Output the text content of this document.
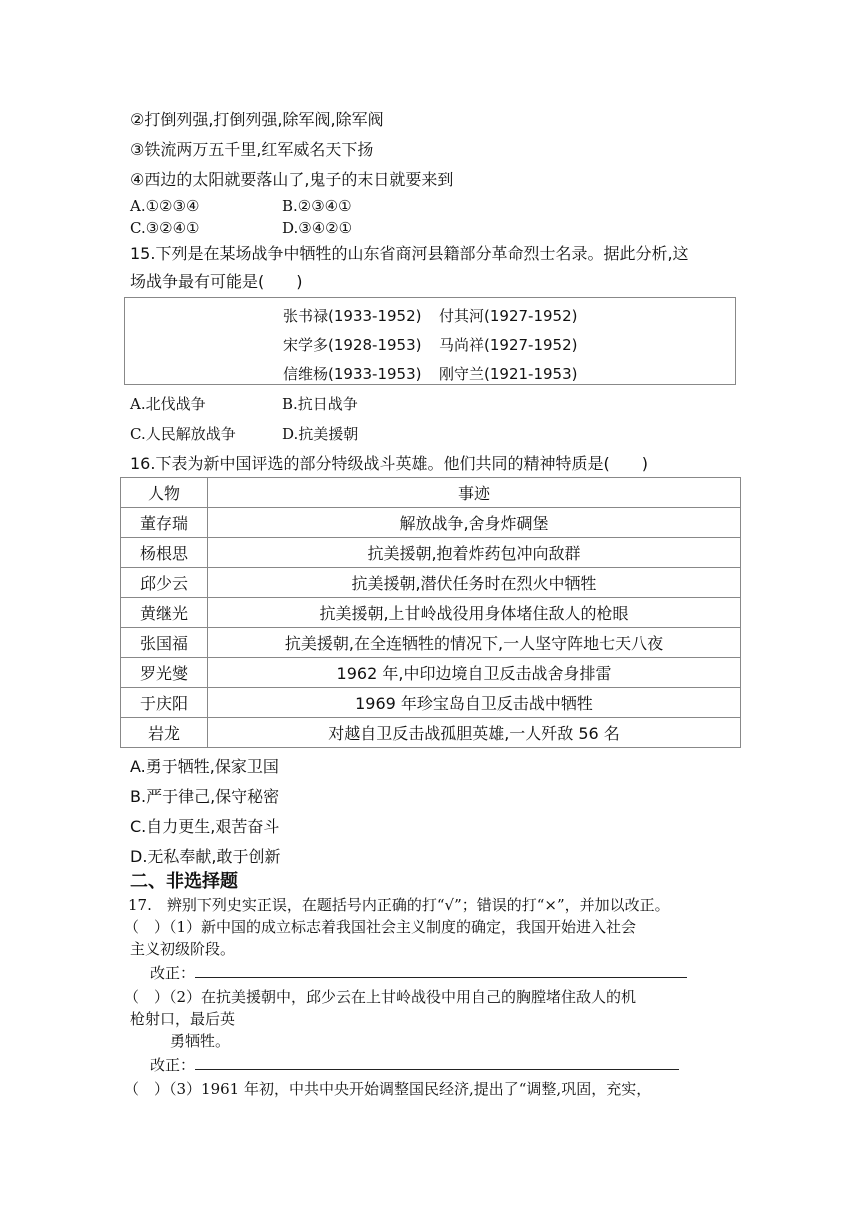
②打倒列强,打倒列强,除军阀,除军阀
③铁流两万五千里,红军威名天下扬
④西边的太阳就要落山了,鬼子的末日就要来到
A.①②③④	B.②③④①
C.③②④①	D.③④②①
15.下列是在某场战争中牺牲的山东省商河县籍部分革命烈士名录。据此分析,这
场战争最有可能是(　　)
张书禄(1933-1952) 付其河(1927-1952)
宋学多(1928-1953) 马尚祥(1927-1952)
信维杨(1933-1953) 刚守兰(1921-1953)
A.北伐战争	B.抗日战争
C.人民解放战争	D.抗美援朝
16.下表为新中国评选的部分特级战斗英雄。他们共同的精神特质是(　　)
人物	事迹
董存瑞	解放战争,舍身炸碉堡
杨根思	抗美援朝,抱着炸药包冲向敌群
邱少云	抗美援朝,潜伏任务时在烈火中牺牲
黄继光	抗美援朝,上甘岭战役用身体堵住敌人的枪眼
张国福	抗美援朝,在全连牺牲的情况下,一人坚守阵地七天八夜
罗光燮	1962 年,中印边境自卫反击战舍身排雷
于庆阳	1969 年珍宝岛自卫反击战中牺牲
岩龙	对越自卫反击战孤胆英雄,一人歼敌 56 名
A.勇于牺牲,保家卫国
B.严于律己,保守秘密
C.自力更生,艰苦奋斗
D.无私奉献,敢于创新
二、非选择题
17.　辨别下列史实正误，在题括号内正确的打“√”；错误的打“×”，并加以改正。
（　）（1）新中国的成立标志着我国社会主义制度的确定，我国开始进入社会
主义初级阶段。
改正：
（　）（2）在抗美援朝中，邱少云在上甘岭战役中用自己的胸膛堵住敌人的机
枪射口，最后英
勇牺牲。
改正：
（　）（3）1961 年初，中共中央开始调整国民经济,提出了“调整,巩固，充实，
